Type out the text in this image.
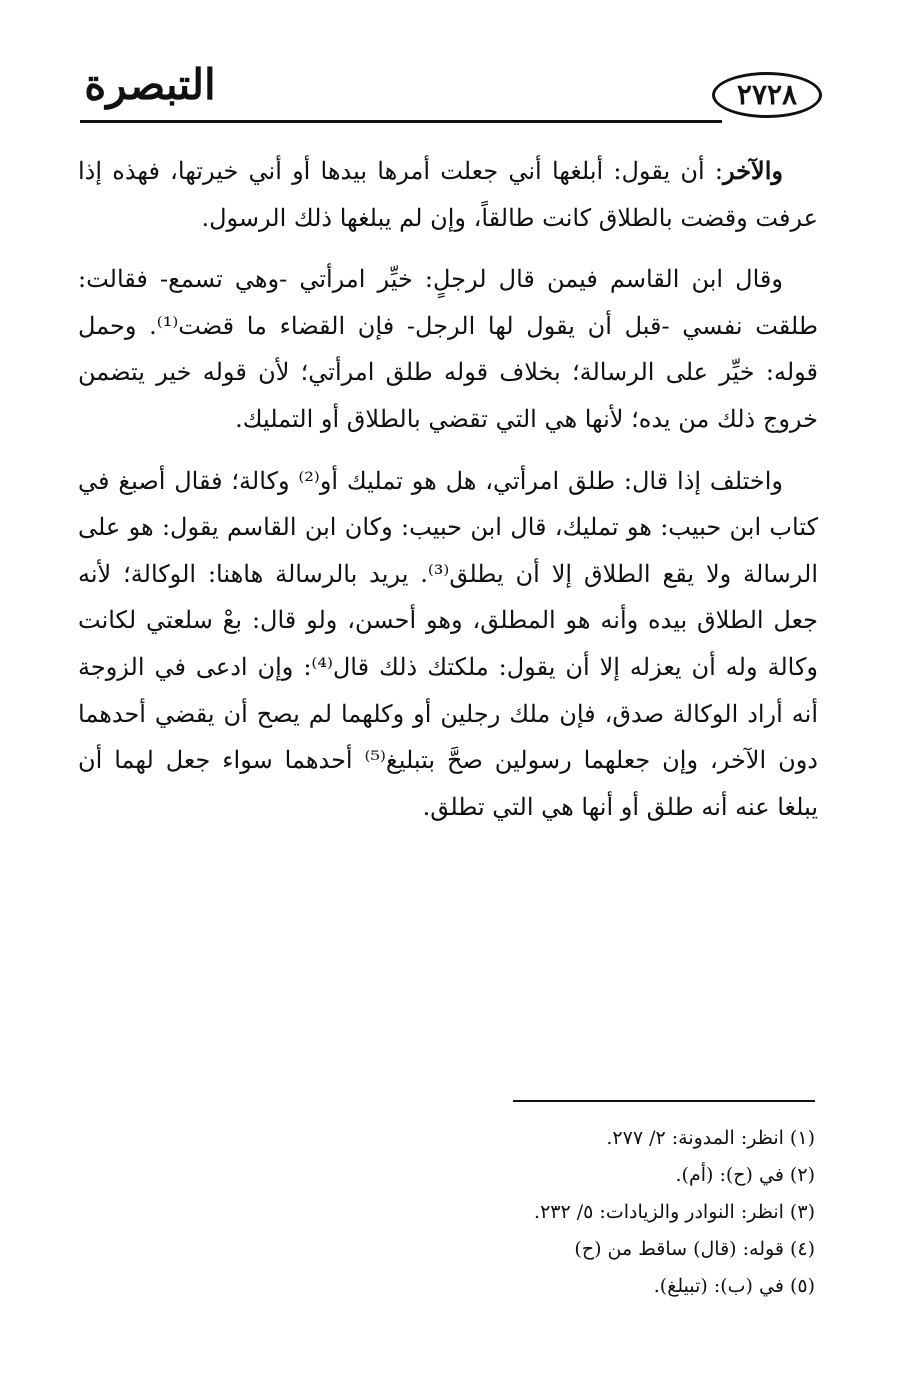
التبصرة	٢٧٢٨

والآخر: أن يقول: أبلغها أني جعلت أمرها بيدها أو أني خيرتها، فهذه إذا عرفت وقضت بالطلاق كانت طالقاً، وإن لم يبلغها ذلك الرسول.

وقال ابن القاسم فيمن قال لرجلٍ: خيِّر امرأتي -وهي تسمع- فقالت: طلقت نفسي -قبل أن يقول لها الرجل- فإن القضاء ما قضت⁽¹⁾. وحمل قوله: خيِّر على الرسالة؛ بخلاف قوله طلق امرأتي؛ لأن قوله خير يتضمن خروج ذلك من يده؛ لأنها هي التي تقضي بالطلاق أو التمليك.

واختلف إذا قال: طلق امرأتي، هل هو تمليك أو⁽²⁾ وكالة؛ فقال أصبغ في كتاب ابن حبيب: هو تمليك، قال ابن حبيب: وكان ابن القاسم يقول: هو على الرسالة ولا يقع الطلاق إلا أن يطلق⁽³⁾. يريد بالرسالة هاهنا: الوكالة؛ لأنه جعل الطلاق بيده وأنه هو المطلق، وهو أحسن، ولو قال: بعْ سلعتي لكانت وكالة وله أن يعزله إلا أن يقول: ملكتك ذلك قال⁽⁴⁾: وإن ادعى في الزوجة أنه أراد الوكالة صدق، فإن ملك رجلين أو وكلهما لم يصح أن يقضي أحدهما دون الآخر، وإن جعلهما رسولين صحَّ بتبليغ⁽⁵⁾ أحدهما سواء جعل لهما أن يبلغا عنه أنه طلق أو أنها هي التي تطلق.

(١) انظر: المدونة: ٢/ ٢٧٧.

(٢) في (ح): (أم).

(٣) انظر: النوادر والزيادات: ٥/ ٢٣٢.

(٤) قوله: (قال) ساقط من (ح)

(٥) في (ب): (تبيلغ).
